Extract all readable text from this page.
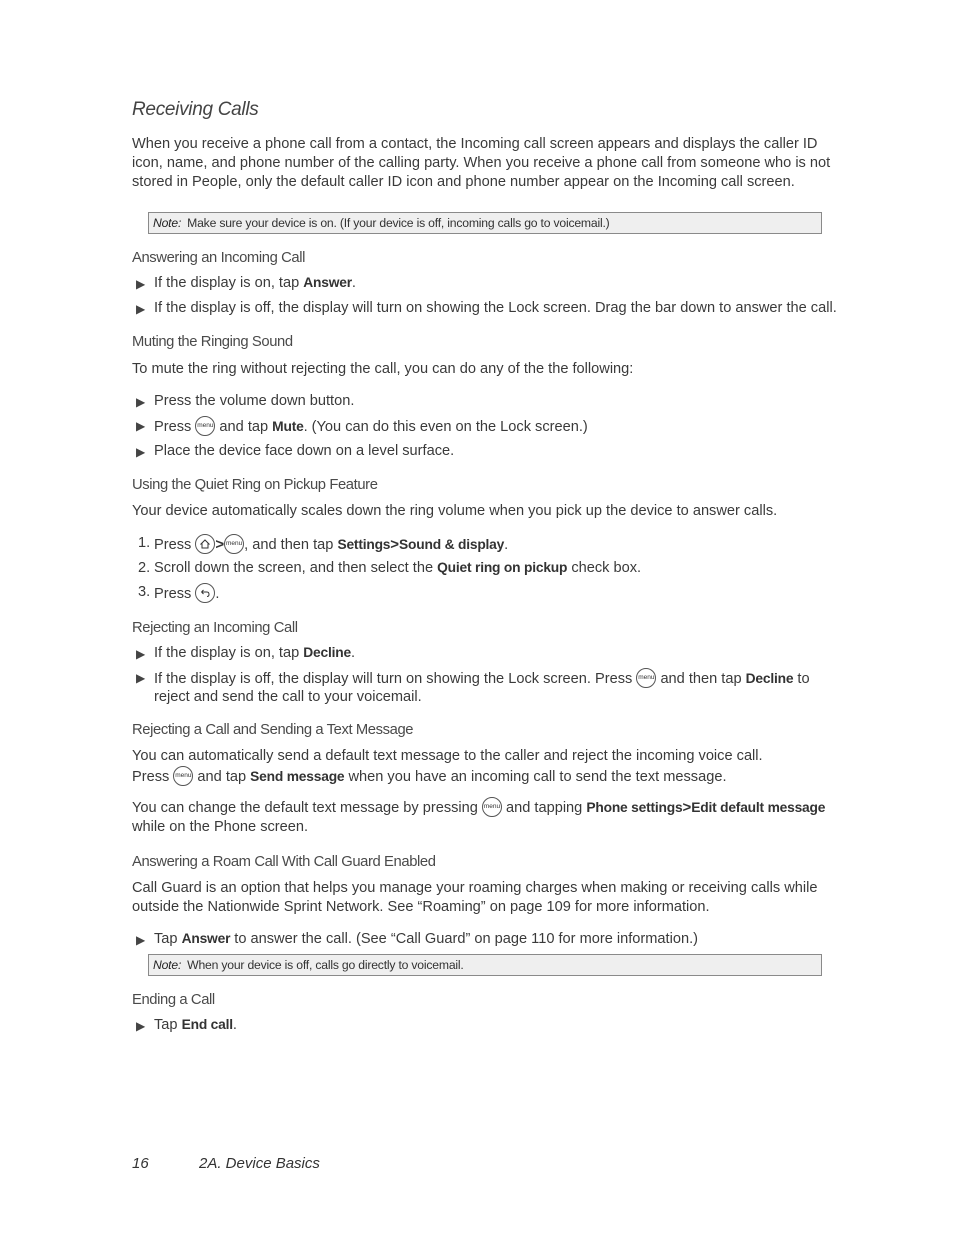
Receiving Calls
When you receive a phone call from a contact, the Incoming call screen appears and displays the caller ID icon, name, and phone number of the calling party. When you receive a phone call from someone who is not stored in People, only the default caller ID icon and phone number appear on the Incoming call screen.
Note: Make sure your device is on. (If your device is off, incoming calls go to voicemail.)
Answering an Incoming Call
▶ If the display is on, tap Answer.
▶ If the display is off, the display will turn on showing the Lock screen. Drag the bar down to answer the call.
Muting the Ringing Sound
To mute the ring without rejecting the call, you can do any of the the following:
▶ Press the volume down button.
▶ Press menu and tap Mute. (You can do this even on the Lock screen.)
▶ Place the device face down on a level surface.
Using the Quiet Ring on Pickup Feature
Your device automatically scales down the ring volume when you pick up the device to answer calls.
1. Press
> menu , and then tap Settings>Sound & display.
2. Scroll down the screen, and then select the Quiet ring on pickup check box.
3. Press
.
Rejecting an Incoming Call
▶ If the display is on, tap Decline.
▶ If the display is off, the display will turn on showing the Lock screen. Press menu and then tap Decline to reject and send the call to your voicemail.
Rejecting a Call and Sending a Text Message
You can automatically send a default text message to the caller and reject the incoming voice call.
Press menu and tap Send message when you have an incoming call to send the text message.
You can change the default text message by pressing menu and tapping Phone settings>Edit default message
while on the Phone screen.
Answering a Roam Call With Call Guard Enabled
Call Guard is an option that helps you manage your roaming charges when making or receiving calls while outside the Nationwide Sprint Network. See “Roaming” on page 109 for more information.
▶ Tap Answer to answer the call. (See “Call Guard” on page 110 for more information.)
Note: When your device is off, calls go directly to voicemail.
Ending a Call
▶ Tap End call.
16	2A. Device Basics
